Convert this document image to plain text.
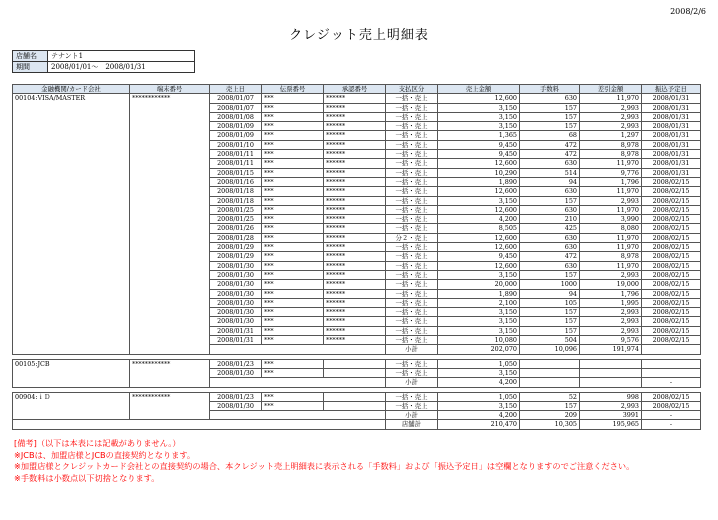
2008/2/6
クレジット売上明細表
店舗名	テナント1
期間	2008/01/01～　2008/01/31
金融機関/カード会社	端末番号	売上日	伝票番号	承認番号	支払区分	売上金額	手数料	差引金額	振込予定日
00104:VISA/MASTER	************	2008/01/07	***	******	一括・売上	12,600	630	11,970	2008/01/31
		2008/01/07	***	******	一括・売上	3,150	157	2,993	2008/01/31
		2008/01/08	***	******	一括・売上	3,150	157	2,993	2008/01/31
		2008/01/09	***	******	一括・売上	3,150	157	2,993	2008/01/31
		2008/01/09	***	******	一括・売上	1,365	68	1,297	2008/01/31
		2008/01/10	***	******	一括・売上	9,450	472	8,978	2008/01/31
		2008/01/11	***	******	一括・売上	9,450	472	8,978	2008/01/31
		2008/01/11	***	******	一括・売上	12,600	630	11,970	2008/01/31
		2008/01/15	***	******	一括・売上	10,290	514	9,776	2008/01/31
		2008/01/16	***	******	一括・売上	1,890	94	1,796	2008/02/15
		2008/01/18	***	******	一括・売上	12,600	630	11,970	2008/02/15
		2008/01/18	***	******	一括・売上	3,150	157	2,993	2008/02/15
		2008/01/25	***	******	一括・売上	12,600	630	11,970	2008/02/15
		2008/01/25	***	******	一括・売上	4,200	210	3,990	2008/02/15
		2008/01/26	***	******	一括・売上	8,505	425	8,080	2008/02/15
		2008/01/28	***	******	分２・売上	12,600	630	11,970	2008/02/15
		2008/01/29	***	******	一括・売上	12,600	630	11,970	2008/02/15
		2008/01/29	***	******	一括・売上	9,450	472	8,978	2008/02/15
		2008/01/30	***	******	一括・売上	12,600	630	11,970	2008/02/15
		2008/01/30	***	******	一括・売上	3,150	157	2,993	2008/02/15
		2008/01/30	***	******	一括・売上	20,000	1000	19,000	2008/02/15
		2008/01/30	***	******	一括・売上	1,890	94	1,796	2008/02/15
		2008/01/30	***	******	一括・売上	2,100	105	1,995	2008/02/15
		2008/01/30	***	******	一括・売上	3,150	157	2,993	2008/02/15
		2008/01/30	***	******	一括・売上	3,150	157	2,993	2008/02/15
		2008/01/31	***	******	一括・売上	3,150	157	2,993	2008/02/15
		2008/01/31	***	******	一括・売上	10,080	504	9,576	2008/02/15
					小計	202,070	10,096	191,974	

00105:JCB	************	2008/01/23	***		一括・売上	1,050			
		2008/01/30	***		一括・売上	3,150			
					小計	4,200			-

00904:ｉＤ	************	2008/01/23	***		一括・売上	1,050	52	998	2008/02/15
		2008/01/30	***		一括・売上	3,150	157	2,993	2008/02/15
					小計	4,200	209	3991	-
					店舗計	210,470	10,305	195,965	-
[備考]（以下は本表には記載がありません。）
※JCBは、加盟店様とJCBの直接契約となります。
※加盟店様とクレジットカード会社との直接契約の場合、本クレジット売上明細表に表示される「手数料」および「振込予定日」は空欄となりますのでご注意ください。
※手数料は小数点以下切捨となります。
